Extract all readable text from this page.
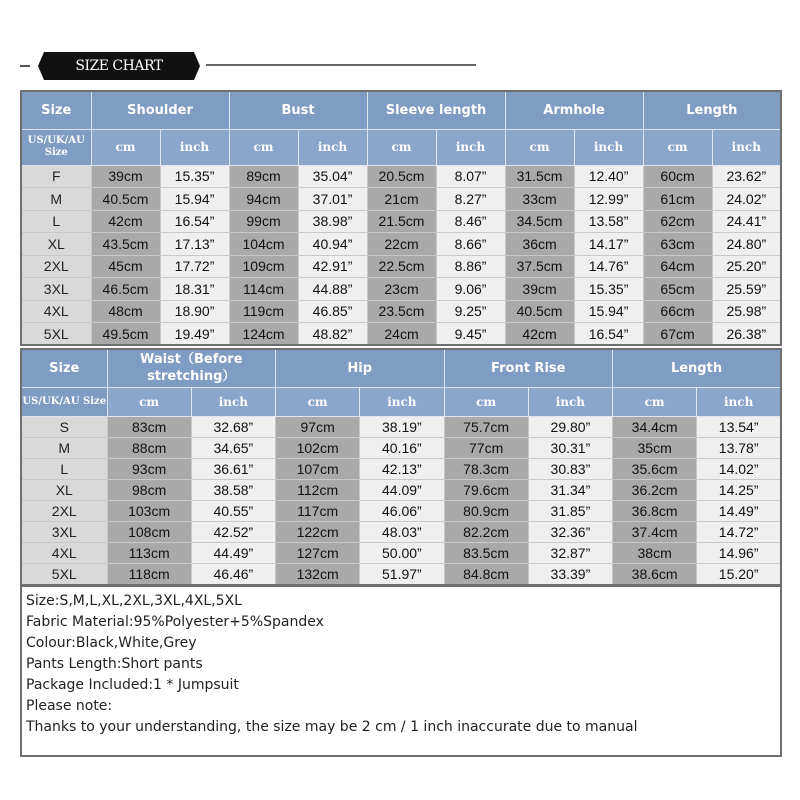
SIZE CHART
Size	Shoulder		Bust		Sleeve length		Armhole		Length	
US/UK/AU Size	cm	inch	cm	inch	cm	inch	cm	inch	cm	inch
F	39cm	15.35”	89cm	35.04”	20.5cm	8.07”	31.5cm	12.40”	60cm	23.62”
M	40.5cm	15.94”	94cm	37.01”	21cm	8.27”	33cm	12.99”	61cm	24.02”
L	42cm	16.54”	99cm	38.98”	21.5cm	8.46”	34.5cm	13.58”	62cm	24.41”
XL	43.5cm	17.13”	104cm	40.94”	22cm	8.66”	36cm	14.17”	63cm	24.80”
2XL	45cm	17.72”	109cm	42.91”	22.5cm	8.86”	37.5cm	14.76”	64cm	25.20”
3XL	46.5cm	18.31”	114cm	44.88”	23cm	9.06”	39cm	15.35”	65cm	25.59”
4XL	48cm	18.90”	119cm	46.85”	23.5cm	9.25”	40.5cm	15.94”	66cm	25.98”
5XL	49.5cm	19.49”	124cm	48.82”	24cm	9.45”	42cm	16.54”	67cm	26.38”
Size	Waist（Before stretching）		Hip		Front Rise		Length	
US/UK/AU Size	cm	inch	cm	inch	cm	inch	cm	inch
S	83cm	32.68”	97cm	38.19”	75.7cm	29.80”	34.4cm	13.54”
M	88cm	34.65”	102cm	40.16”	77cm	30.31”	35cm	13.78”
L	93cm	36.61”	107cm	42.13”	78.3cm	30.83”	35.6cm	14.02”
XL	98cm	38.58”	112cm	44.09”	79.6cm	31.34”	36.2cm	14.25”
2XL	103cm	40.55”	117cm	46.06”	80.9cm	31.85”	36.8cm	14.49”
3XL	108cm	42.52”	122cm	48.03”	82.2cm	32.36”	37.4cm	14.72”
4XL	113cm	44.49”	127cm	50.00”	83.5cm	32.87”	38cm	14.96”
5XL	118cm	46.46”	132cm	51.97”	84.8cm	33.39”	38.6cm	15.20”
Size:S,M,L,XL,2XL,3XL,4XL,5XL
Fabric Material:95%Polyester+5%Spandex
Colour:Black,White,Grey
Pants Length:Short pants
Package Included:1 * Jumpsuit
Please note:
Thanks to your understanding, the size may be 2 cm / 1 inch inaccurate due to manual
